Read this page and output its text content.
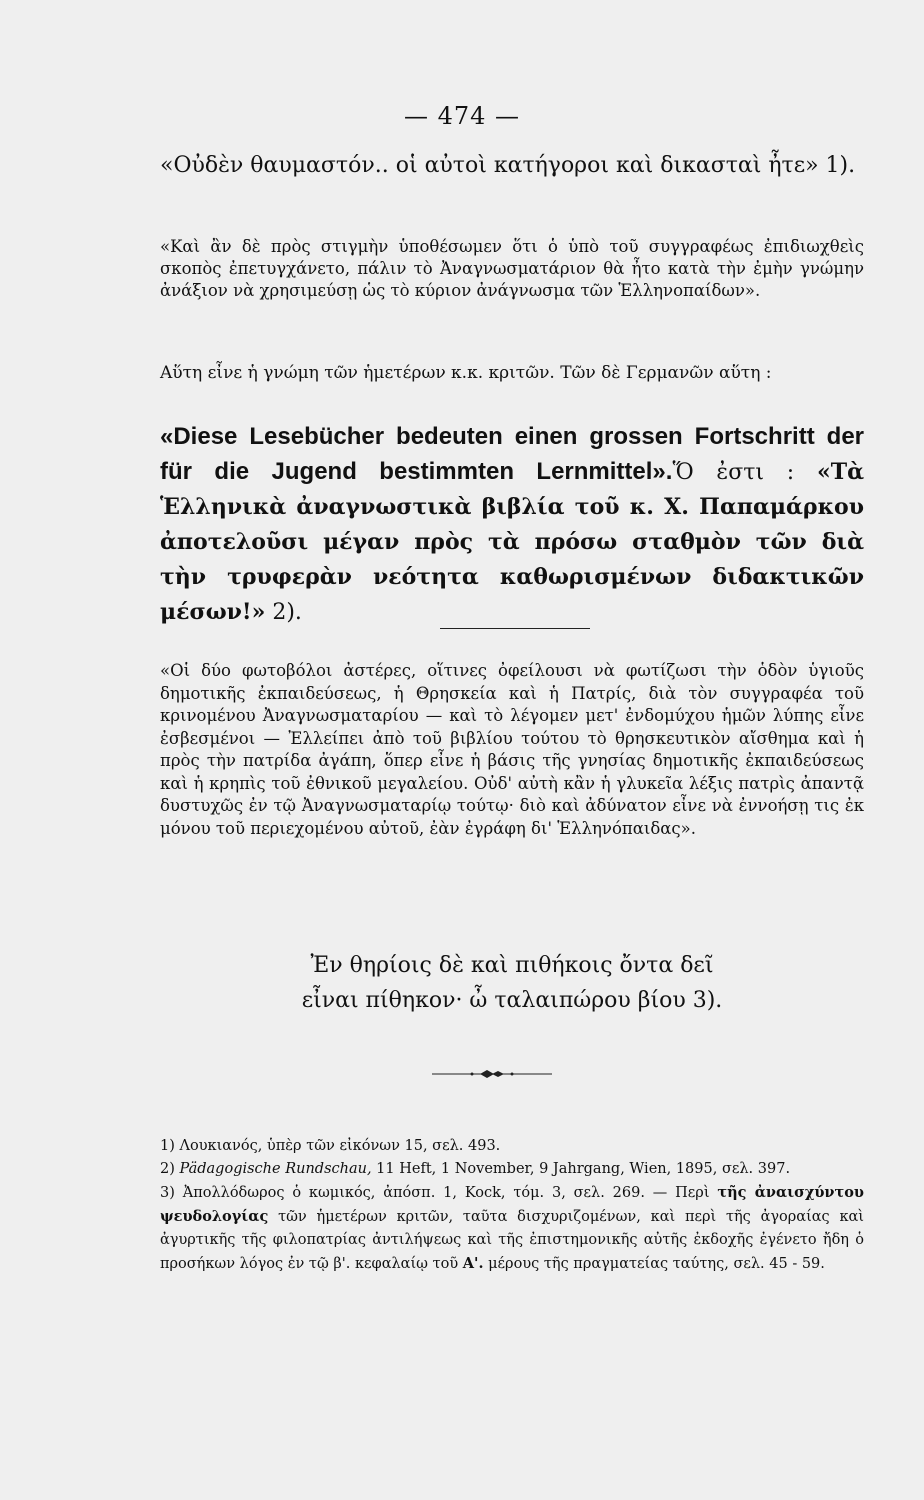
— 474 —
«Οὐδὲν θαυμαστόν.. οἱ αὐτοὶ κατήγοροι καὶ δικασταὶ ἦτε» 1).
«Καὶ ἂν δὲ πρὸς στιγμὴν ὑποθέσωμεν ὅτι ὁ ὑπὸ τοῦ συγγραφέως ἐπιδιωχθεὶς σκοπὸς ἐπετυγχάνετο, πάλιν τὸ Ἀναγνωσματάριον θὰ ἦτο κατὰ τὴν ἐμὴν γνώμην ἀνάξιον νὰ χρησιμεύσῃ ὡς τὸ κύριον ἀνάγνωσμα τῶν Ἑλληνοπαίδων».
Αὕτη εἶνε ἡ γνώμη τῶν ἡμετέρων κ.κ. κριτῶν. Τῶν δὲ Γερμανῶν αὕτη :
«Diese Lesebücher bedeuten einen grossen Fortschritt der für die Jugend bestimmten Lernmittel».Ὅ ἐστι : «Τὰ Ἑλληνικὰ ἀναγνωστικὰ βιβλία τοῦ κ. Χ. Παπαμάρκου ἀποτελοῦσι μέγαν πρὸς τὰ πρόσω σταθμὸν τῶν διὰ τὴν τρυφερὰν νεότητα καθωρισμένων διδακτικῶν μέσων!» 2).
«Οἱ δύο φωτοβόλοι ἀστέρες, οἵτινες ὀφείλουσι νὰ φωτίζωσι τὴν ὁδὸν ὑγιοῦς δημοτικῆς ἐκπαιδεύσεως, ἡ Θρησκεία καὶ ἡ Πατρίς, διὰ τὸν συγγραφέα τοῦ κρινομένου Ἀναγνωσματαρίου — καὶ τὸ λέγομεν μετ' ἐνδομύχου ἡμῶν λύπης εἶνε ἐσβεσμένοι — Ἐλλείπει ἀπὸ τοῦ βιβλίου τούτου τὸ θρησκευτικὸν αἴσθημα καὶ ἡ πρὸς τὴν πατρίδα ἀγάπη, ὅπερ εἶνε ἡ βάσις τῆς γνησίας δημοτικῆς ἐκπαιδεύσεως καὶ ἡ κρηπὶς τοῦ ἐθνικοῦ μεγαλείου. Οὐδ' αὐτὴ κἂν ἡ γλυκεῖα λέξις πατρὶς ἀπαντᾷ δυστυχῶς ἐν τῷ Ἀναγνωσματαρίῳ τούτῳ· διὸ καὶ ἀδύνατον εἶνε νὰ ἐννοήσῃ τις ἐκ μόνου τοῦ περιεχομένου αὐτοῦ, ἐὰν ἐγράφη δι' Ἑλληνόπαιδας».
Ἐν θηρίοις δὲ καὶ πιθήκοις ὄντα δεῖ
εἶναι πίθηκον· ὦ ταλαιπώρου βίου 3).

1) Λουκιανός, ὑπὲρ τῶν εἰκόνων 15, σελ. 493.

2) Pädagogische Rundschau, 11 Heft, 1 November, 9 Jahrgang, Wien, 1895, σελ. 397.

3) Ἀπολλόδωρος ὁ κωμικός, ἀπόσπ. 1, Kock, τόμ. 3, σελ. 269. — Περὶ τῆς ἀναισχύντου ψευδολογίας τῶν ἡμετέρων κριτῶν, ταῦτα δισχυριζομένων, καὶ περὶ τῆς ἀγοραίας καὶ ἀγυρτικῆς τῆς φιλοπατρίας ἀντιλήψεως καὶ τῆς ἐπιστημονικῆς αὐτῆς ἐκδοχῆς ἐγένετο ἤδη ὁ προσήκων λόγος ἐν τῷ β'. κεφαλαίῳ τοῦ Α'. μέρους τῆς πραγματείας ταύτης, σελ. 45 - 59.
